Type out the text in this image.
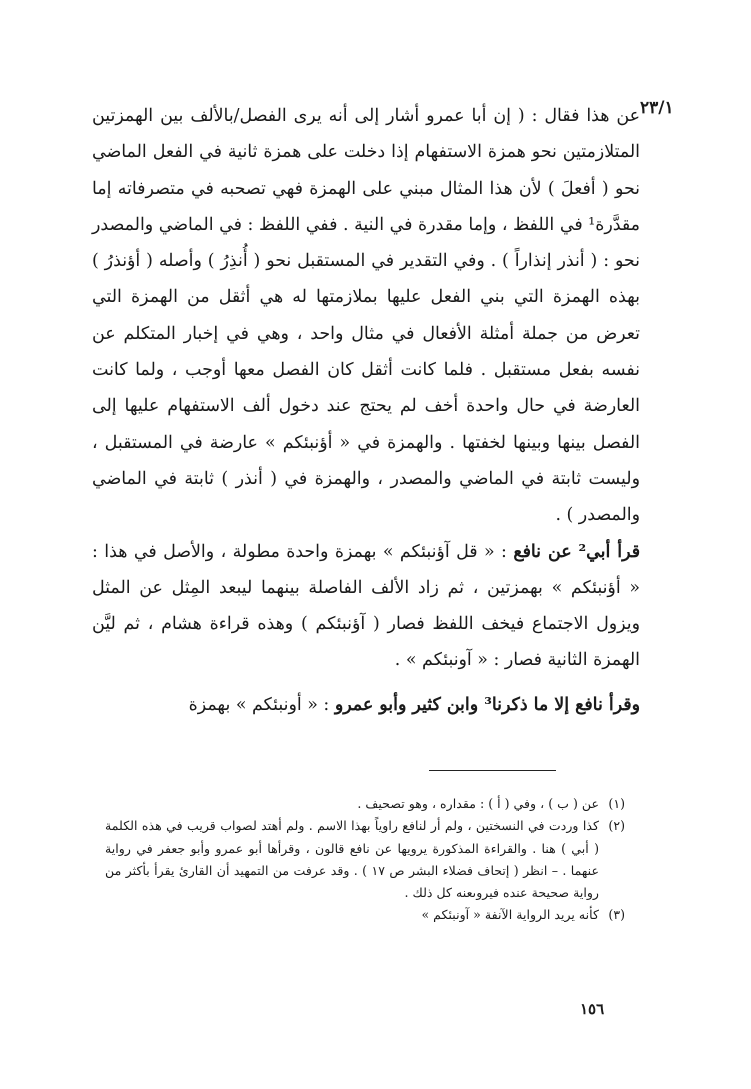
٢٣/١

عن هذا فقال : ( إن أبا عمرو أشار إلى أنه يرى الفصل/بالألف بين الهمزتين المتلازمتين نحو همزة الاستفهام إذا دخلت على همزة ثانية في الفعل الماضي نحو ( أفعلَ ) لأن هذا المثال مبني على الهمزة فهي تصحبه في متصرفاته إما مقدَّرة¹ في اللفظ ، وإما مقدرة في النية . ففي اللفظ : في الماضي والمصدر نحو : ( أنذر إنذاراً ) . وفي التقدير في المستقبل نحو ( أُنذِرُ ) وأصله ( أؤنذرُ ) بهذه الهمزة التي بني الفعل عليها بملازمتها له هي أثقل من الهمزة التي تعرض من جملة أمثلة الأفعال في مثال واحد ، وهي في إخبار المتكلم عن نفسه بفعل مستقبل . فلما كانت أثقل كان الفصل معها أوجب ، ولما كانت العارضة في حال واحدة أخف لم يحتج عند دخول ألف الاستفهام عليها إلى الفصل بينها وبينها لخفتها . والهمزة في « أؤنبئكم » عارضة في المستقبل ، وليست ثابتة في الماضي والمصدر ، والهمزة في ( أنذر ) ثابتة في الماضي والمصدر ) .

قرأ أبي² عن نافع : « قل آؤنبئكم » بهمزة واحدة مطولة ، والأصل في هذا : « أؤنبئكم » بهمزتين ، ثم زاد الألف الفاصلة بينهما ليبعد المِثل عن المثل ويزول الاجتماع فيخف اللفظ فصار ( آؤنبئكم ) وهذه قراءة هشام ، ثم ليَّن الهمزة الثانية فصار : « آونبئكم » .

وقرأ نافع إلا ما ذكرنا³ وابن كثير وأبو عمرو : « أونبئكم » بهمزة

(١)
عن ( ب ) ، وفي ( أ ) : مقداره ، وهو تصحيف .
(٢)
كذا وردت في النسختين ، ولم أر لنافع راوياً بهذا الاسم . ولم أهتد لصواب قريب في هذه الكلمة ( أبي ) هنا . والقراءة المذكورة يرويها عن نافع قالون ، وقرأها أبو عمرو وأبو جعفر في رواية عنهما . – انظر ( إتحاف فضلاء البشر ص ١٧ ) . وقد عرفت من التمهيد أن القارئ يقرأ بأكثر من رواية صحيحة عنده فيروىعنه كل ذلك .
(٣)
كأنه يريد الرواية الآنفة « آونبئكم »
١٥٦
